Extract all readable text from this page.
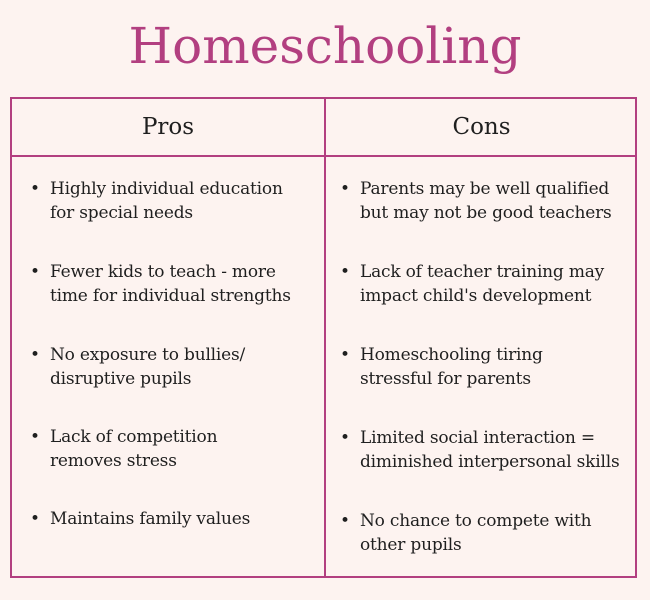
Homeschooling
Pros	Cons
• Highly individual education
for special needs
• Fewer kids to teach - more
time for individual strengths
• No exposure to bullies/
disruptive pupils
• Lack of competition
removes stress
• Maintains family values
• Parents may be well qualified
but may not be good teachers
• Lack of teacher training may
impact child's development
• Homeschooling tiring
stressful for parents
• Limited social interaction =
diminished interpersonal skills
• No chance to compete with
other pupils
